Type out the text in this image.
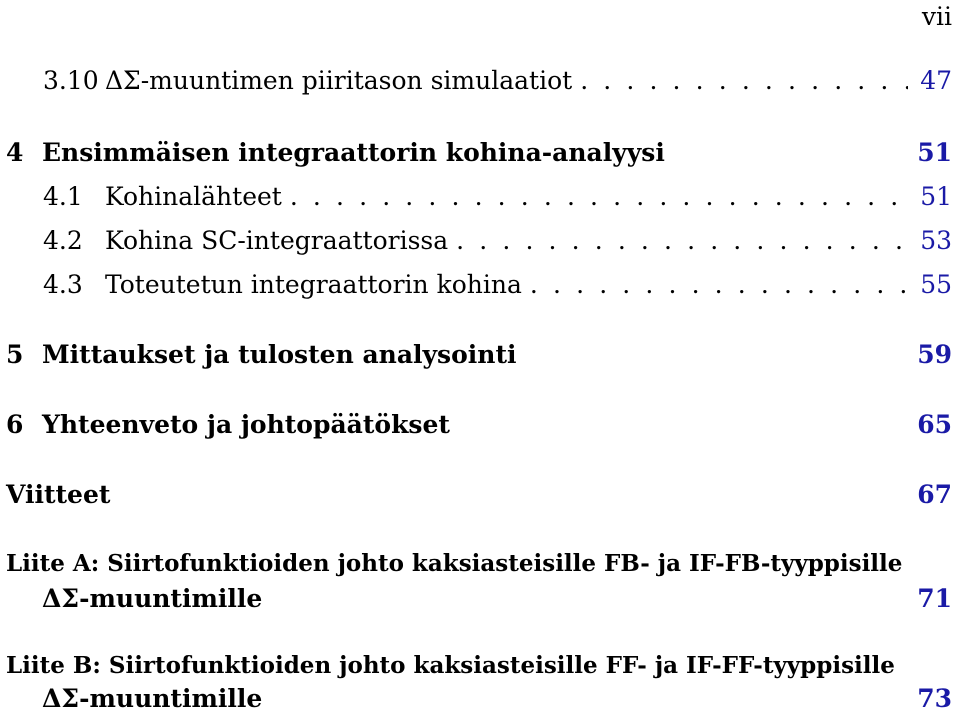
vii
3.10 ΔΣ-muuntimen piiritason simulaatiot . . .	47
4 Ensimmäisen integraattorin kohina-analyysi	51
4.1 Kohinalähteet . . .	51
4.2 Kohina SC-integraattorissa . . .	53
4.3 Toteutetun integraattorin kohina . . .	55
5 Mittaukset ja tulosten analysointi	59
6 Yhteenveto ja johtopäätökset	65
Viitteet	67
Liite A: Siirtofunktioiden johto kaksiasteisille FB- ja IF-FB-tyyppisille
ΔΣ-muuntimille	71
Liite B: Siirtofunktioiden johto kaksiasteisille FF- ja IF-FF-tyyppisille
ΔΣ-muuntimille	73
